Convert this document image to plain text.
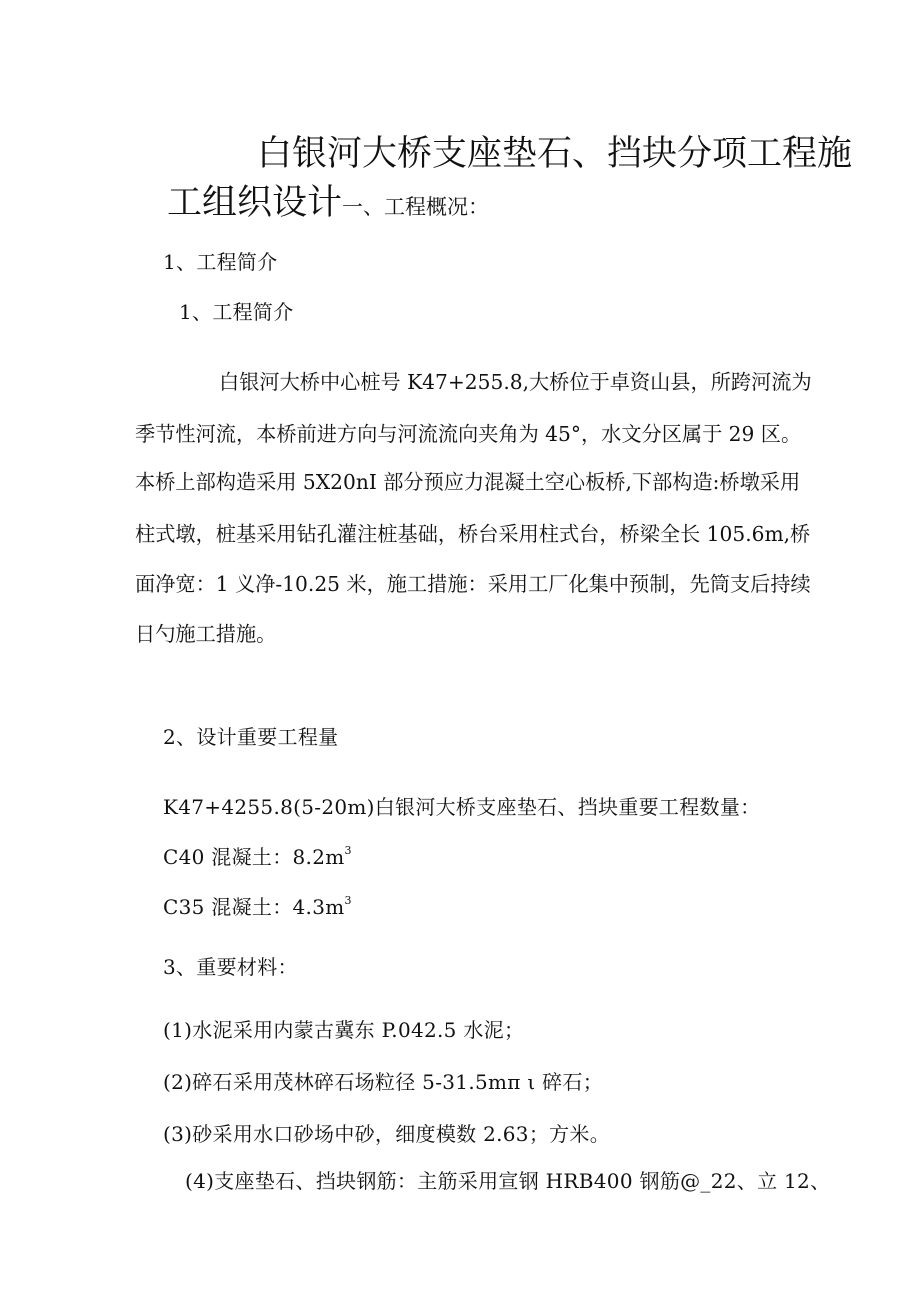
白银河大桥支座垫石、挡块分项工程施
工组织设计一、工程概况：
1、工程简介
1、工程简介
白银河大桥中心桩号 K47+255.8,大桥位于卓资山县，所跨河流为
季节性河流，本桥前进方向与河流流向夹角为 45°，水文分区属于 29 区。
本桥上部构造采用 5X20nI 部分预应力混凝土空心板桥,下部构造:桥墩采用
柱式墩，桩基采用钻孔灌注桩基础，桥台采用柱式台，桥梁全长 105.6m,桥
面净宽：1 义净-10.25 米，施工措施：采用工厂化集中预制，先筒支后持续
日勺施工措施。
2、设计重要工程量
K47+4255.8(5-20m)白银河大桥支座垫石、挡块重要工程数量：
C40 混凝土：$8.2m^3$
C35 混凝土：$4.3m^3$
3、重要材料：
(1)水泥采用内蒙古冀东 P.042.5 水泥；
(2)碎石采用茂林碎石场粒径 5-31.5mπ ι 碎石；
(3)砂采用水口砂场中砂，细度模数 2.63；方米。
(4)支座垫石、挡块钢筋：主筋采用宣钢 HRB400 钢筋@_22、立 12、
